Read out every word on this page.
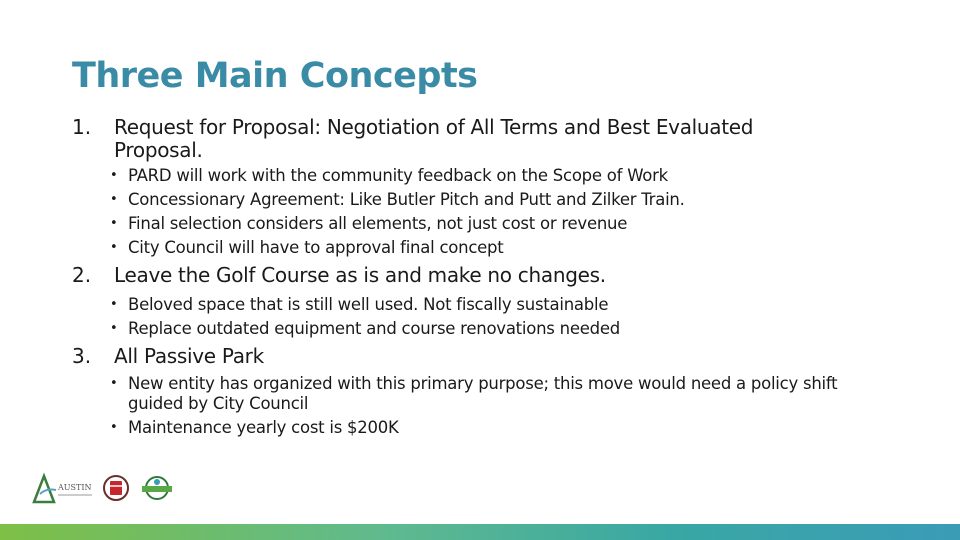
Three Main Concepts
1.	Request for Proposal: Negotiation of All Terms and Best Evaluated Proposal.
• PARD will work with the community feedback on the Scope of Work
• Concessionary Agreement: Like Butler Pitch and Putt and Zilker Train.
• Final selection considers all elements, not just cost or revenue
• City Council will have to approval final concept
2.	Leave the Golf Course as is and make no changes.
• Beloved space that is still well used. Not fiscally sustainable
• Replace outdated equipment and course renovations needed
3.	All Passive Park
• New entity has organized with this primary purpose; this move would need a policy shift guided by City Council
• Maintenance yearly cost is $200K
AUSTIN
